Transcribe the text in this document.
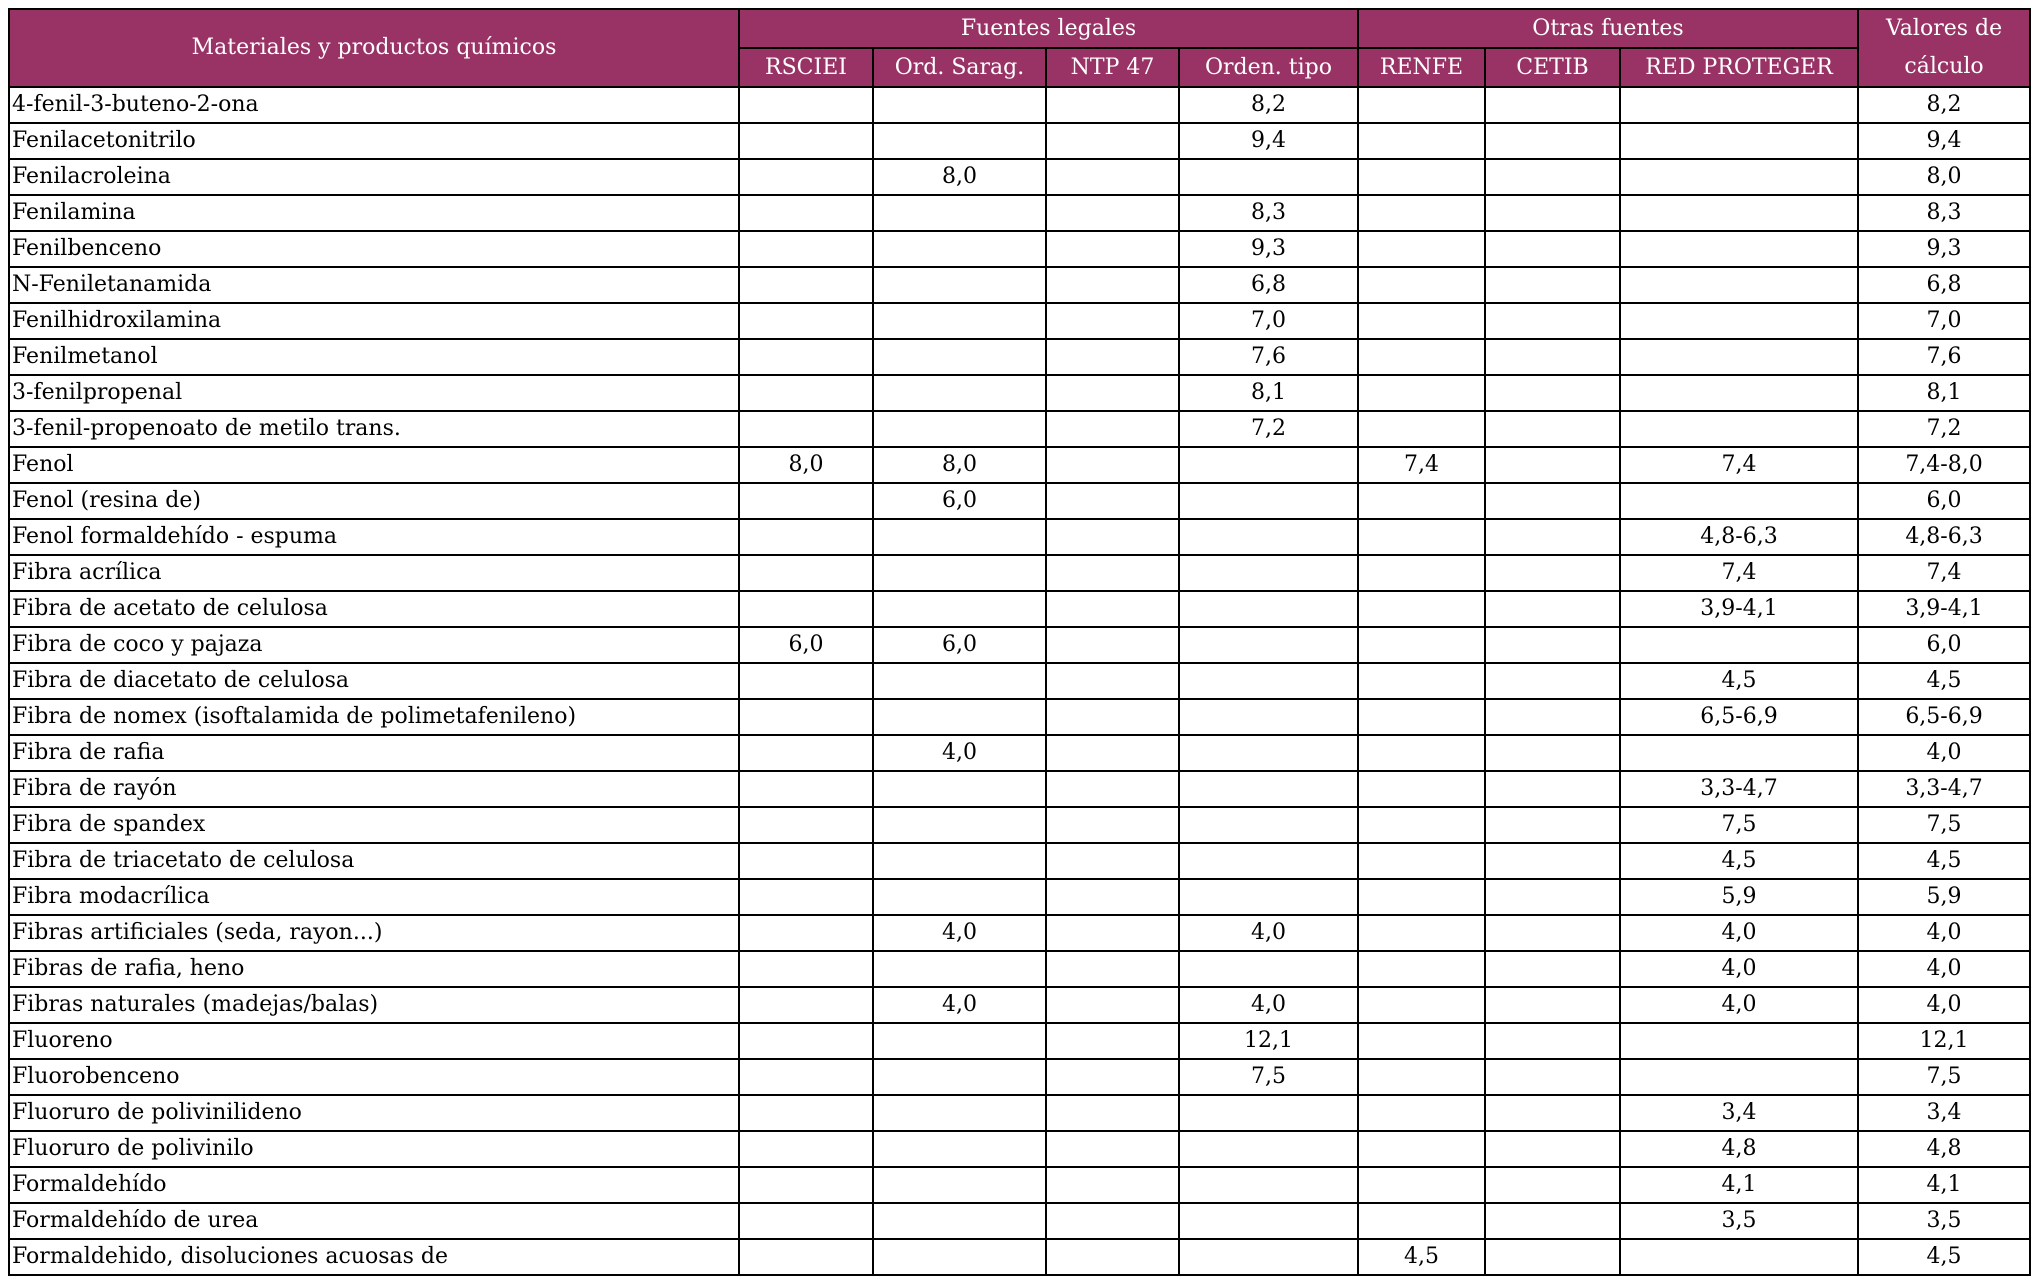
Materiales y productos químicos	Fuentes legales				Otras fuentes			Valores de cálculo
	RSCIEI	Ord. Sarag.	NTP 47	Orden. tipo	RENFE	CETIB	RED PROTEGER	
4-fenil-3-buteno-2-ona				8,2				8,2
Fenilacetonitrilo				9,4				9,4
Fenilacroleina		8,0						8,0
Fenilamina				8,3				8,3
Fenilbenceno				9,3				9,3
N-Feniletanamida				6,8				6,8
Fenilhidroxilamina				7,0				7,0
Fenilmetanol				7,6				7,6
3-fenilpropenal				8,1				8,1
3-fenil-propenoato de metilo trans.				7,2				7,2
Fenol	8,0	8,0			7,4		7,4	7,4-8,0
Fenol (resina de)		6,0						6,0
Fenol formaldehído - espuma							4,8-6,3	4,8-6,3
Fibra acrílica							7,4	7,4
Fibra de acetato de celulosa							3,9-4,1	3,9-4,1
Fibra de coco y pajaza	6,0	6,0						6,0
Fibra de diacetato de celulosa							4,5	4,5
Fibra de nomex (isoftalamida de polimetafenileno)							6,5-6,9	6,5-6,9
Fibra de rafia		4,0						4,0
Fibra de rayón							3,3-4,7	3,3-4,7
Fibra de spandex							7,5	7,5
Fibra de triacetato de celulosa							4,5	4,5
Fibra modacrílica							5,9	5,9
Fibras artificiales (seda, rayon...)		4,0		4,0			4,0	4,0
Fibras de rafia, heno							4,0	4,0
Fibras naturales (madejas/balas)		4,0		4,0			4,0	4,0
Fluoreno				12,1				12,1
Fluorobenceno				7,5				7,5
Fluoruro de polivinilideno							3,4	3,4
Fluoruro de polivinilo							4,8	4,8
Formaldehído							4,1	4,1
Formaldehído de urea							3,5	3,5
Formaldehido, disoluciones acuosas de					4,5			4,5
